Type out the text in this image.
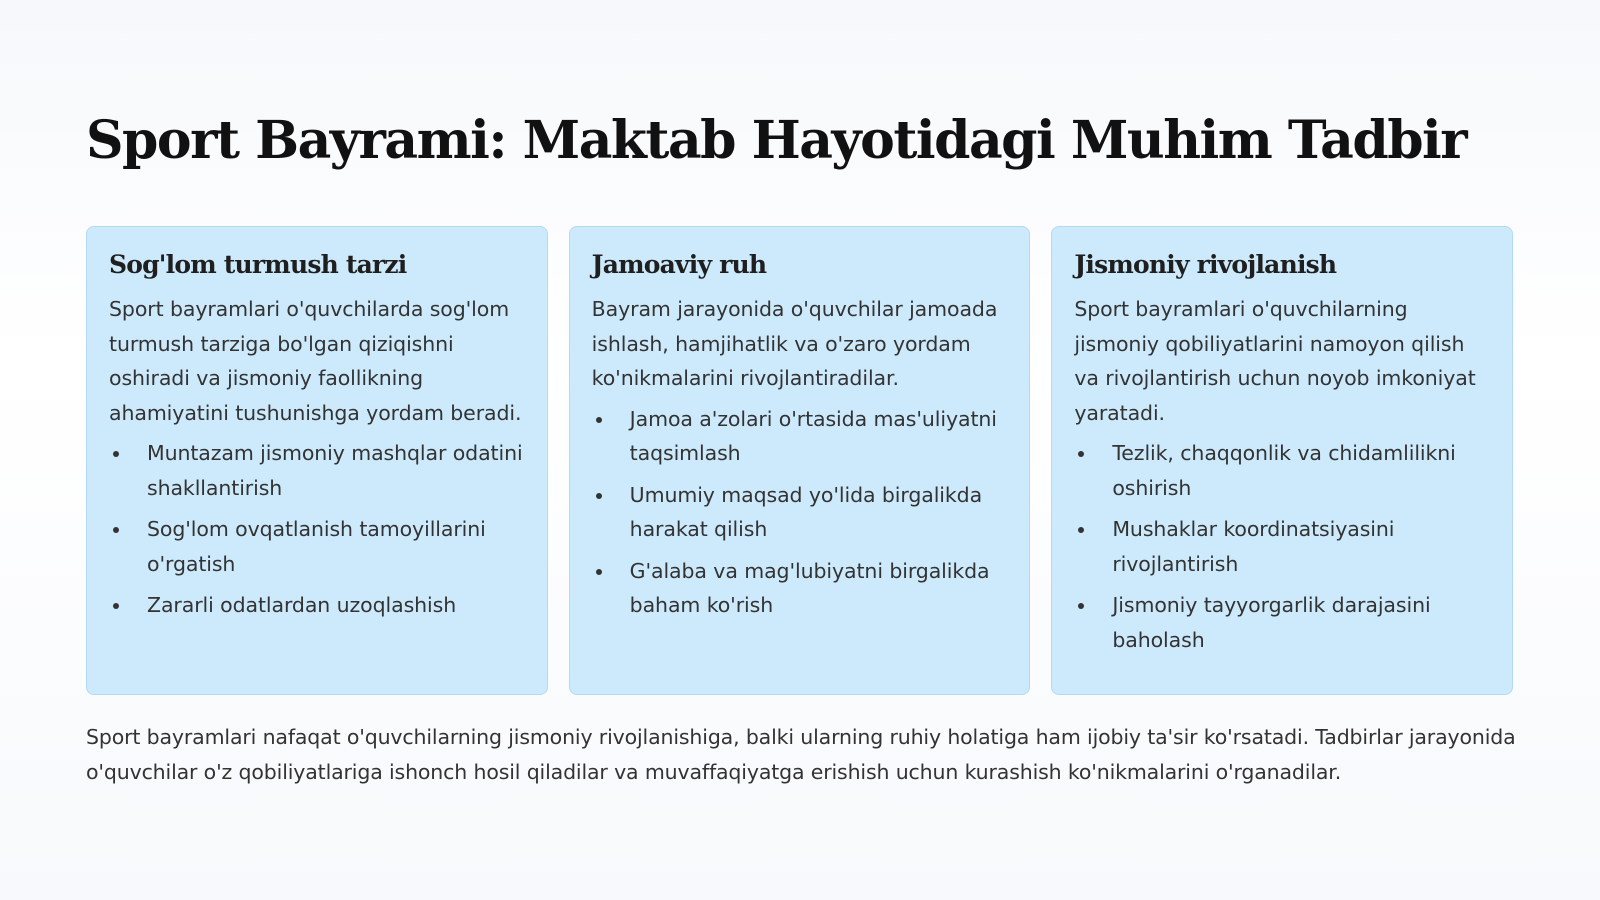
Sport Bayrami: Maktab Hayotidagi Muhim Tadbir
Sog'lom turmush tarzi

Sport bayramlari o'quvchilarda sog'lom turmush tarziga bo'lgan qiziqishni oshiradi va jismoniy faollikning ahamiyatini tushunishga yordam beradi.

Muntazam jismoniy mashqlar odatini shakllantirish
Sog'lom ovqatlanish tamoyillarini o'rgatish
Zararli odatlardan uzoqlashish
Jamoaviy ruh

Bayram jarayonida o'quvchilar jamoada ishlash, hamjihatlik va o'zaro yordam ko'nikmalarini rivojlantiradilar.

Jamoa a'zolari o'rtasida mas'uliyatni taqsimlash
Umumiy maqsad yo'lida birgalikda harakat qilish
G'alaba va mag'lubiyatni birgalikda baham ko'rish
Jismoniy rivojlanish

Sport bayramlari o'quvchilarning jismoniy qobiliyatlarini namoyon qilish va rivojlantirish uchun noyob imkoniyat yaratadi.

Tezlik, chaqqonlik va chidamlilikni oshirish
Mushaklar koordinatsiyasini rivojlantirish
Jismoniy tayyorgarlik darajasini baholash

Sport bayramlari nafaqat o'quvchilarning jismoniy rivojlanishiga, balki ularning ruhiy holatiga ham ijobiy ta'sir ko'rsatadi. Tadbirlar jarayonida o'quvchilar o'z qobiliyatlariga ishonch hosil qiladilar va muvaffaqiyatga erishish uchun kurashish ko'nikmalarini o'rganadilar.
